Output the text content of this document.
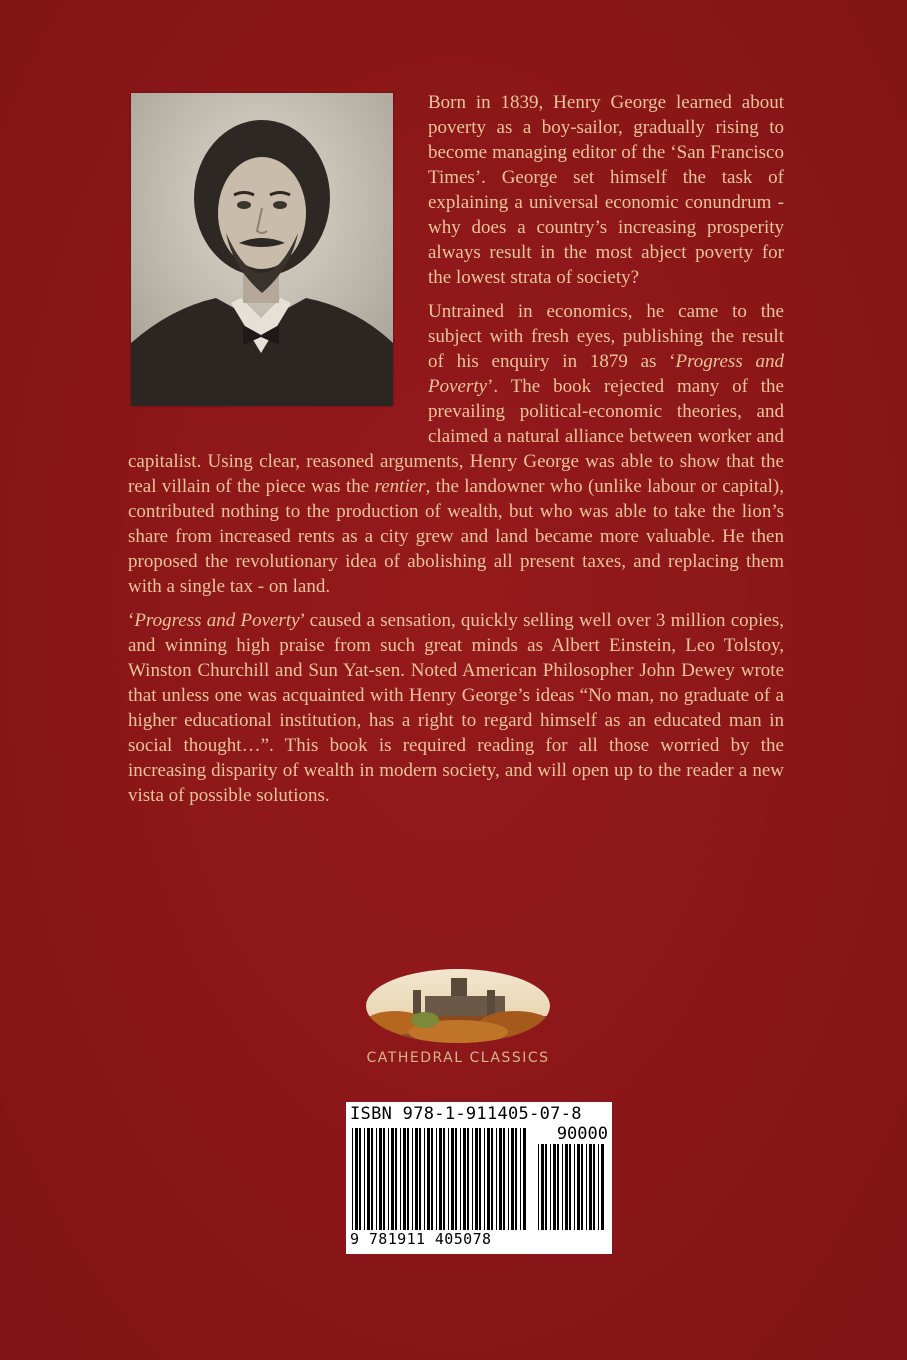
Born in 1839, Henry George learned about poverty as a boy-sailor, gradually rising to become managing editor of the ‘San Francisco Times’. George set himself the task of explaining a universal economic conundrum - why does a country’s increasing prosperity always result in the most abject poverty for the lowest strata of society?

Untrained in economics, he came to the subject with fresh eyes, publishing the result of his enquiry in 1879 as ‘Progress and Poverty’. The book rejected many of the prevailing political-economic theories, and claimed a natural alliance between worker and capitalist. Using clear, reasoned arguments, Henry George was able to show that the real villain of the piece was the rentier, the landowner who (unlike labour or capital), contributed nothing to the production of wealth, but who was able to take the lion’s share from increased rents as a city grew and land became more valuable. He then proposed the revolutionary idea of abolishing all present taxes, and replacing them with a single tax - on land.

‘Progress and Poverty’ caused a sensation, quickly selling well over 3 million copies, and winning high praise from such great minds as Albert Einstein, Leo Tolstoy, Winston Churchill and Sun Yat-sen. Noted American Philosopher John Dewey wrote that unless one was acquainted with Henry George’s ideas “No man, no graduate of a higher educational institution, has a right to regard himself as an educated man in social thought…”. This book is required reading for all those worried by the increasing disparity of wealth in modern society, and will open up to the reader a new vista of possible solutions.

CATHEDRAL CLASSICS
ISBN 978-1-911405-07-8
90000
9 781911 405078
